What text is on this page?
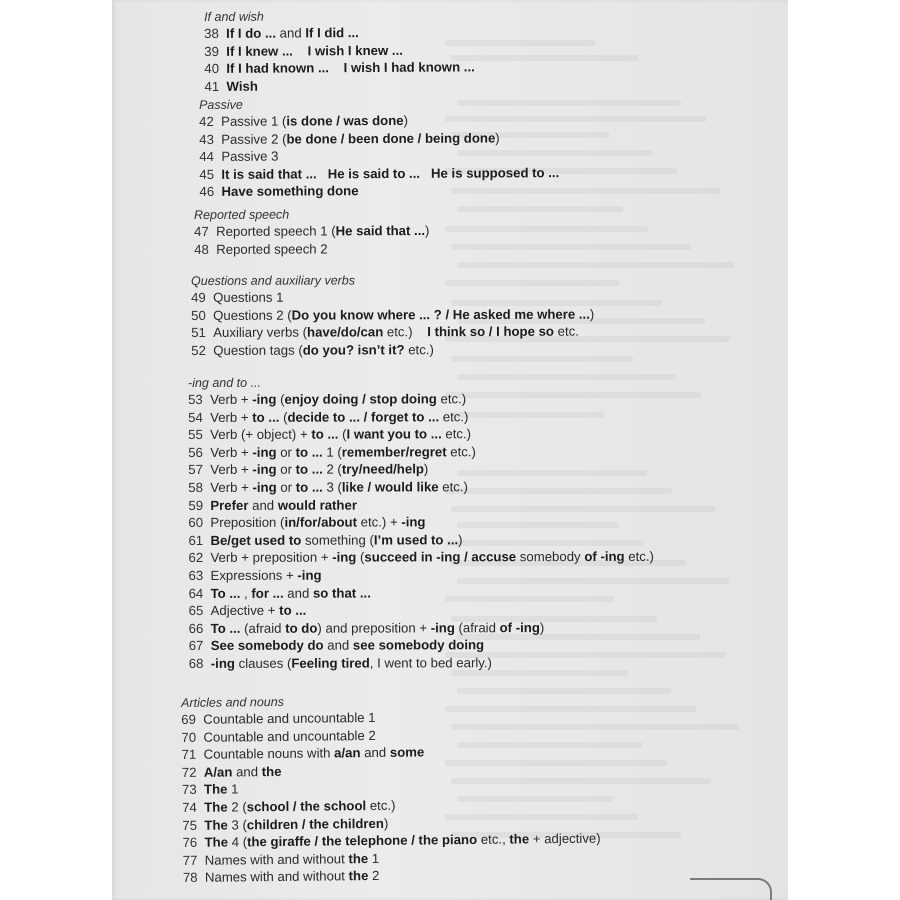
If and wish
38 If I do ... and If I did ...
39 If I knew ... I wish I knew ...
40 If I had known ... I wish I had known ...
41 Wish
Passive
42 Passive 1 (is done / was done)
43 Passive 2 (be done / been done / being done)
44 Passive 3
45 It is said that ... He is said to ... He is supposed to ...
46 Have something done
Reported speech
47 Reported speech 1 (He said that ...)
48 Reported speech 2
Questions and auxiliary verbs
49 Questions 1
50 Questions 2 (Do you know where ... ? / He asked me where ...)
51 Auxiliary verbs (have/do/can etc.)    I think so / I hope so etc.
52 Question tags (do you? isn’t it? etc.)
-ing and to ...
53 Verb + -ing (enjoy doing / stop doing etc.)
54 Verb + to ... (decide to ... / forget to ... etc.)
55 Verb (+ object) + to ... (I want you to ... etc.)
56 Verb + -ing or to ... 1 (remember/regret etc.)
57 Verb + -ing or to ... 2 (try/need/help)
58 Verb + -ing or to ... 3 (like / would like etc.)
59 Prefer and would rather
60 Preposition (in/for/about etc.) + -ing
61 Be/get used to something (I’m used to ...)
62 Verb + preposition + -ing (succeed in -ing / accuse somebody of -ing etc.)
63 Expressions + -ing
64 To ... , for ... and so that ...
65 Adjective + to ...
66 To ... (afraid to do) and preposition + -ing (afraid of -ing)
67 See somebody do and see somebody doing
68 -ing clauses (Feeling tired, I went to bed early.)
Articles and nouns
69 Countable and uncountable 1
70 Countable and uncountable 2
71 Countable nouns with a/an and some
72 A/an and the
73 The 1
74 The 2 (school / the school etc.)
75 The 3 (children / the children)
76 The 4 (the giraffe / the telephone / the piano etc., the + adjective)
77 Names with and without the 1
78 Names with and without the 2
